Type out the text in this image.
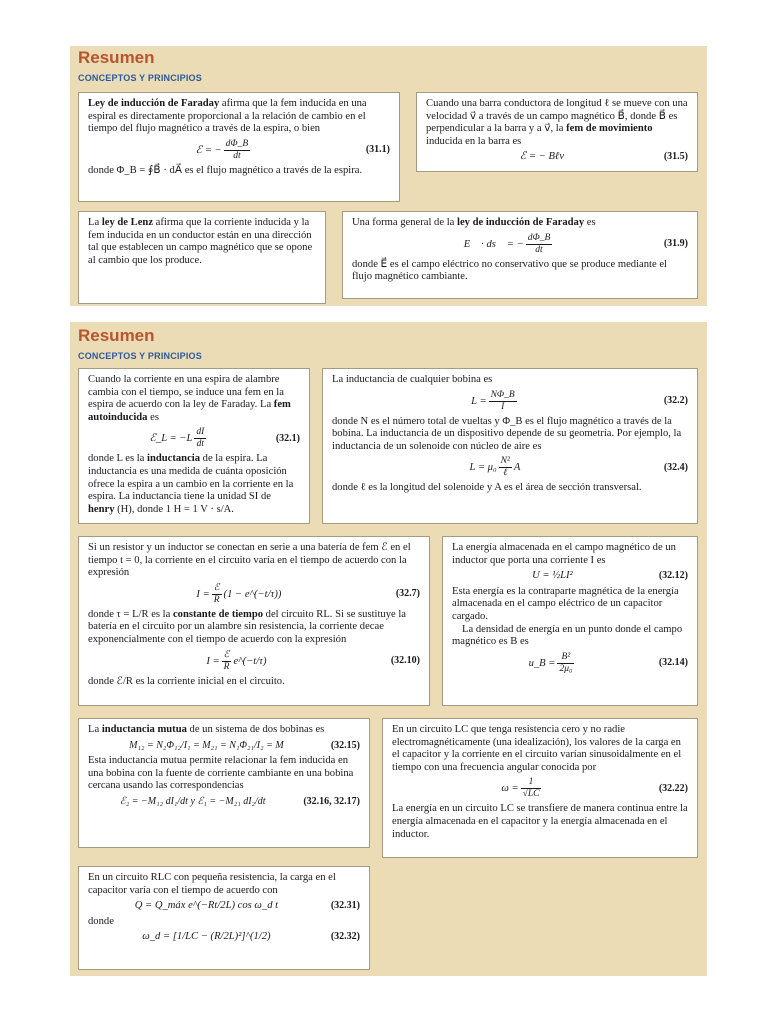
Resumen
CONCEPTOS Y PRINCIPIOS

Ley de inducción de Faraday afirma que la fem inducida en una espiral es directamente proporcional a la relación de cambio en el tiempo del flujo magnético a través de la espira, o bien

ℰ = − $\frac{d\Phi\_B}{dt}$	(31.1)

donde Φ_B = ∮B⃗ · dA⃗ es el flujo magnético a través de la espira.

Cuando una barra conductora de longitud ℓ se mueve con una velocidad v⃗ a través de un campo magnético B⃗, donde B⃗ es perpendicular a la barra y a v⃗, la fem de movimiento inducida en la barra es

ℰ = − Bℓv	(31.5)

La ley de Lenz afirma que la corriente inducida y la fem inducida en un conductor están en una dirección tal que establecen un campo magnético que se opone al cambio que los produce.

Una forma general de la ley de inducción de Faraday es

∮E⃗ · ds⃗ = − $\frac{d\Phi\_B}{dt}$	(31.9)

donde E⃗ es el campo eléctrico no conservativo que se produce mediante el flujo magnético cambiante.

Resumen
CONCEPTOS Y PRINCIPIOS

Cuando la corriente en una espira de alambre cambia con el tiempo, se induce una fem en la espira de acuerdo con la ley de Faraday. La fem autoinducida es

ℰ_L = $-L \frac{dI}{dt}$	(32.1)

donde L es la inductancia de la espira. La inductancia es una medida de cuánta oposición ofrece la espira a un cambio en la corriente en la espira. La inductancia tiene la unidad SI de henry (H), donde 1 H = 1 V · s/A.

La inductancia de cualquier bobina es

$L = \frac{N\Phi\_B}{I}$	(32.2)

donde N es el número total de vueltas y Φ_B es el flujo magnético a través de la bobina. La inductancia de un dispositivo depende de su geometría. Por ejemplo, la inductancia de un solenoide con núcleo de aire es

$L = \mu_0 \frac{\text{N²}}{\text{ℓ}}$ A	(32.4)

donde ℓ es la longitud del solenoide y A es el área de sección transversal.

Si un resistor y un inductor se conectan en serie a una batería de fem ℰ en el tiempo t = 0, la corriente en el circuito varía en el tiempo de acuerdo con la expresión

$I = \frac{\text{ℰ}}{R} (1$ − e^(−t/τ))	(32.7)

donde τ = L/R es la constante de tiempo del circuito RL. Si se sustituye la batería en el circuito por un alambre sin resistencia, la corriente decae exponencialmente con el tiempo de acuerdo con la expresión

$I = \frac{\text{ℰ}}{R}$ e^(−t/τ)	(32.10)

donde ℰ/R es la corriente inicial en el circuito.

La energía almacenada en el campo magnético de un inductor que porta una corriente I es

U = ½LI²	(32.12)

Esta energía es la contraparte magnética de la energía almacenada en el campo eléctrico de un capacitor cargado.

La densidad de energía en un punto donde el campo magnético es B es

u_B = $\frac{\text{B²}}{\text{2μ₀}}$	(32.14)

La inductancia mutua de un sistema de dos bobinas es

M₁₂ = N₂Φ₁₂/I₁ = M₂₁ = N₁Φ₂₁/I₂ = M	(32.15)

Esta inductancia mutua permite relacionar la fem inducida en una bobina con la fuente de corriente cambiante en una bobina cercana usando las correspondencias

ℰ₂ = −M₁₂ dI₁/dt y ℰ₁ = −M₂₁ dI₂/dt	(32.16, 32.17)

En un circuito LC que tenga resistencia cero y no radie electromagnéticamente (una idealización), los valores de la carga en el capacitor y la corriente en el circuito varían sinusoidalmente en el tiempo con una frecuencia angular conocida por

$\omega = \frac{1}{√LC}$	(32.22)

La energía en un circuito LC se transfiere de manera continua entre la energía almacenada en el capacitor y la energía almacenada en el inductor.

En un circuito RLC con pequeña resistencia, la carga en el capacitor varía con el tiempo de acuerdo con

Q = Q_máx e^(−Rt/2L) cos ω_d t	(32.31)

donde

ω_d = [1/LC − (R/2L)²]^(1/2)	(32.32)
